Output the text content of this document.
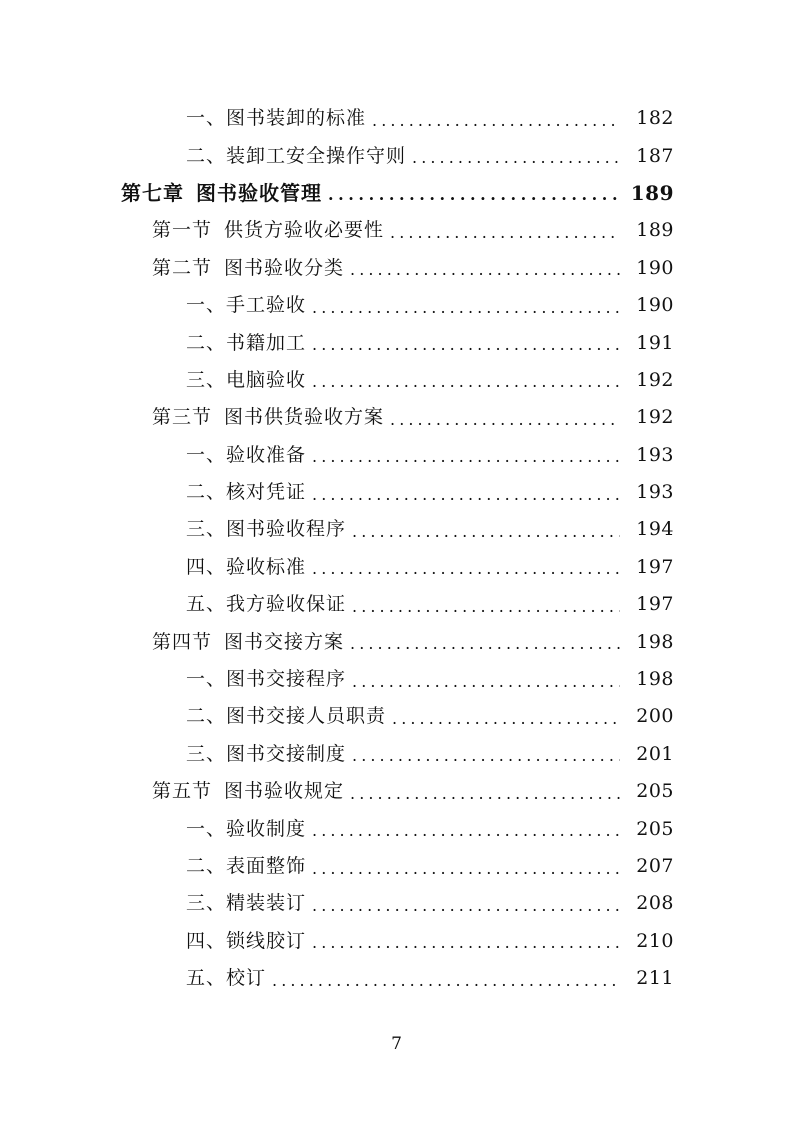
一、图书装卸的标准 . . .	182
二、装卸工安全操作守则 . . .	187
第七章 图书验收管理 . . .	189
第一节 供货方验收必要性 . . .	189
第二节 图书验收分类 . . .	190
一、手工验收 . . .	190
二、书籍加工 . . .	191
三、电脑验收 . . .	192
第三节 图书供货验收方案 . . .	192
一、验收准备 . . .	193
二、核对凭证 . . .	193
三、图书验收程序 . . .	194
四、验收标准 . . .	197
五、我方验收保证 . . .	197
第四节 图书交接方案 . . .	198
一、图书交接程序 . . .	198
二、图书交接人员职责 . . .	200
三、图书交接制度 . . .	201
第五节 图书验收规定 . . .	205
一、验收制度 . . .	205
二、表面整饰 . . .	207
三、精装装订 . . .	208
四、锁线胶订 . . .	210
五、校订 . . .	211
7
